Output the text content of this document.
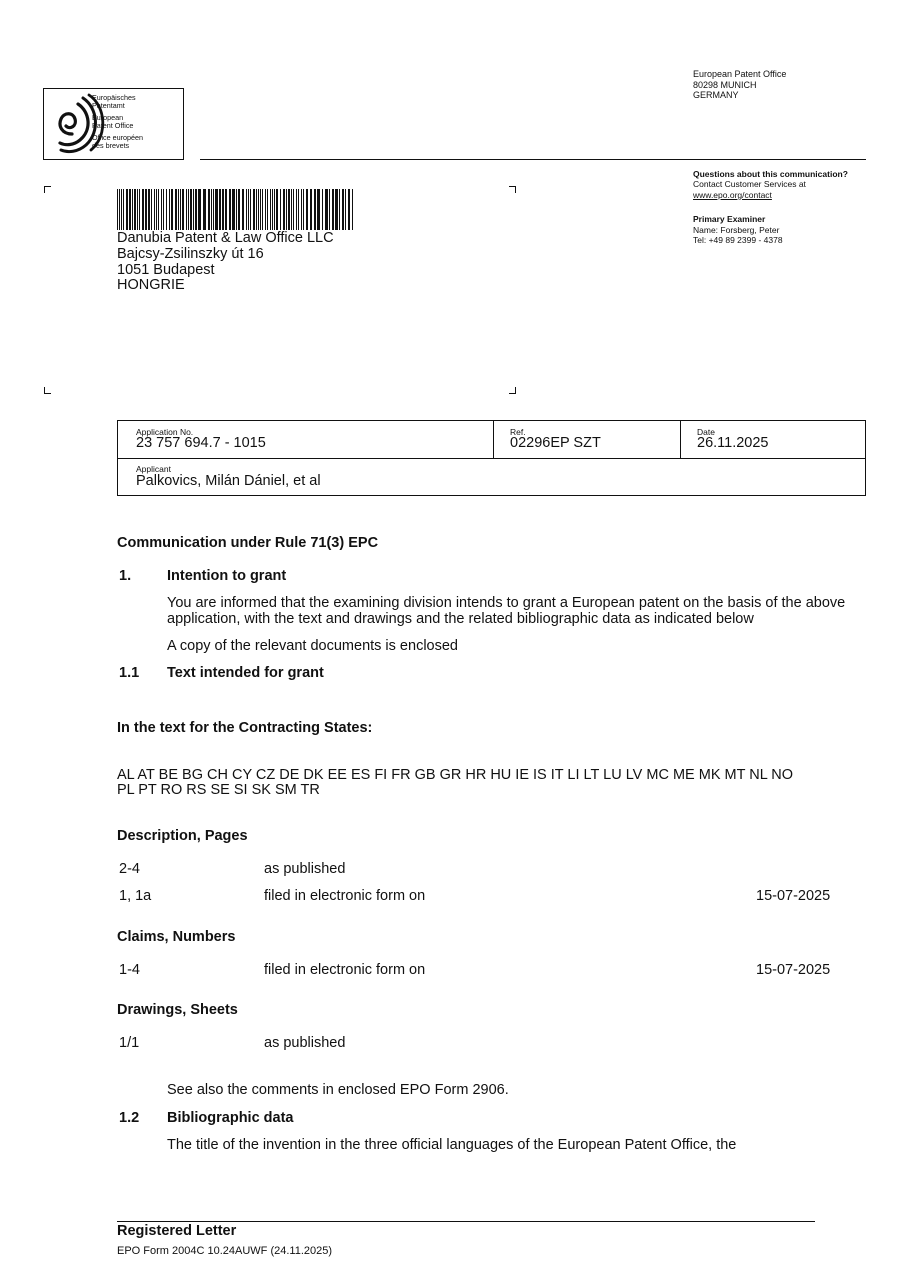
Europäisches
Patentamt
European
Patent Office
Office européen
des brevets
European Patent Office
80298 MUNICH
GERMANY
Questions about this communication?
Contact Customer Services at
www.epo.org/contact
Primary Examiner
Name: Forsberg, Peter
Tel: +49 89 2399 - 4378
Danubia Patent & Law Office LLC
Bajcsy-Zsilinszky út 16
1051 Budapest
HONGRIE
Application No.
23 757 694.7 - 1015
Ref.
02296EP SZT
Date
26.11.2025
Applicant
Palkovics, Milán Dániel, et al
Communication under Rule 71(3) EPC
1. Intention to grant
You are informed that the examining division intends to grant a European patent on the basis of the above application, with the text and drawings and the related bibliographic data as indicated below
A copy of the relevant documents is enclosed
1.1 Text intended for grant
In the text for the Contracting States:
AL AT BE BG CH CY CZ DE DK EE ES FI FR GB GR HR HU IE IS IT LI LT LU LV MC ME MK MT NL NO
PL PT RO RS SE SI SK SM TR
Description, Pages
2-4	as published
1, 1a	filed in electronic form on	15-07-2025
Claims, Numbers
1-4	filed in electronic form on	15-07-2025
Drawings, Sheets
1/1	as published
See also the comments in enclosed EPO Form 2906.
1.2 Bibliographic data
The title of the invention in the three official languages of the European Patent Office, the
Registered Letter
EPO Form 2004C 10.24AUWF (24.11.2025)
